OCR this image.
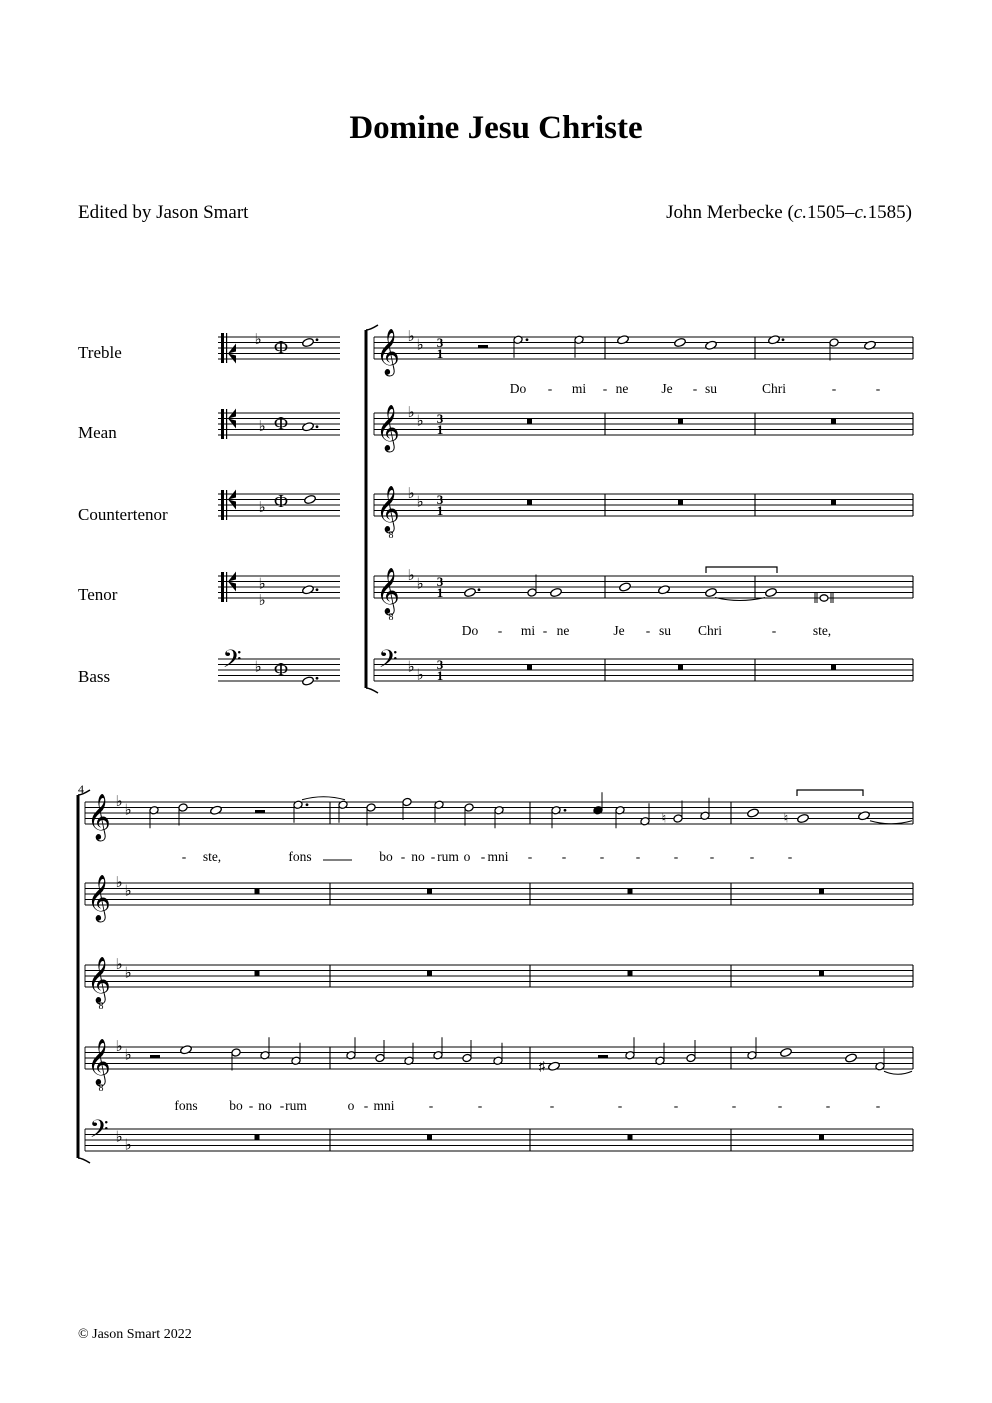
Domine Jesu Christe
Edited by Jason Smart	John Merbecke (c.1505–c.1585)
Treble
Mean
Countertenor
Tenor
Bass
© Jason Smart 2022
♭ Ф
♭ Ф
♭ Ф
♭
♭
𝄢 ♭ Ф
𝄞 ♭
♭ 3
1
𝄞 ♭
♭ 3
1
𝄞 ♭
♭
8
3
1
𝄞 ♭
♭
8
3
1
𝄢 ♭
♭
3
1
Do - mi - ne Je - su	Chri	-	-
Do - mi - ne	Je - su Chri	-	ste,
4
𝄞 ♭
♭
𝄞 ♭
♭
𝄞 ♭
♭
8
𝄞 ♭
♭
8
𝄢 ♭
♭
♮	♮
- ste,	fons	bo - no - rum o - mni - - - - - -	- -
♯
fons bo - no - rum	o - mni	-	-	-	-	-	-	-	-	-
